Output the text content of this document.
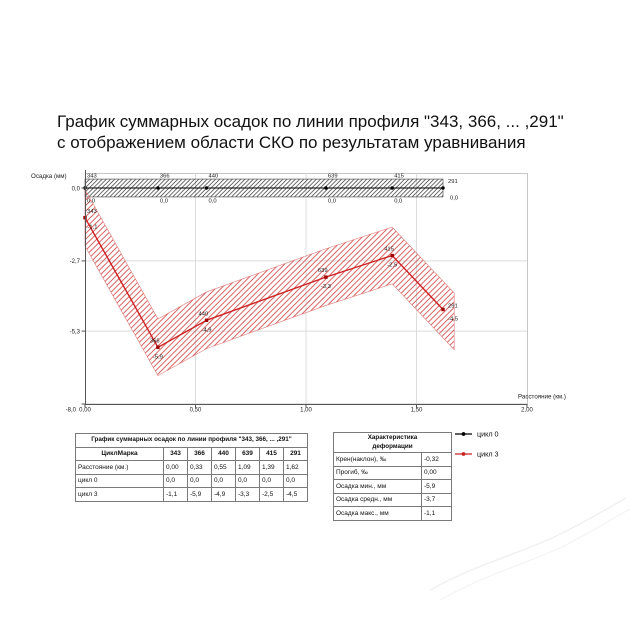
График суммарных осадок по линии профиля "343, 366, ... ,291"
с отображением области СКО по результатам уравнивания
343
0,0
366
0,0
440
0,0
639
0,0
415
0,0
291
0,0
343
-1,1
366
-5,9
440
-4,9
639
-3,3
415
-2,5
291
-4,5
0,0
-2,7
-5,3
-8,0 0,00	0,50	1,00	1,50	2,00
Осадка (мм)
Расстояние (км.)
цикл 0
цикл 3
График суммарных осадок по линии профиля "343, 366, ... ,291"						
ЦиклМарка	343	366	440	639	415	291
Расстояние (км.)	0,00	0,33	0,55	1,09	1,39	1,62
цикл 0	0,0	0,0	0,0	0,0	0,0	0,0
цикл 3	-1,1	-5,9	-4,9	-3,3	-2,5	-4,5
Характеристика
деформации	

Крен(наклон), ‰	-0,32
Прогиб, ‰	0,00
Осадка мин., мм	-5,9
Осадка средн., мм	-3,7
Осадка макс., мм	-1,1
